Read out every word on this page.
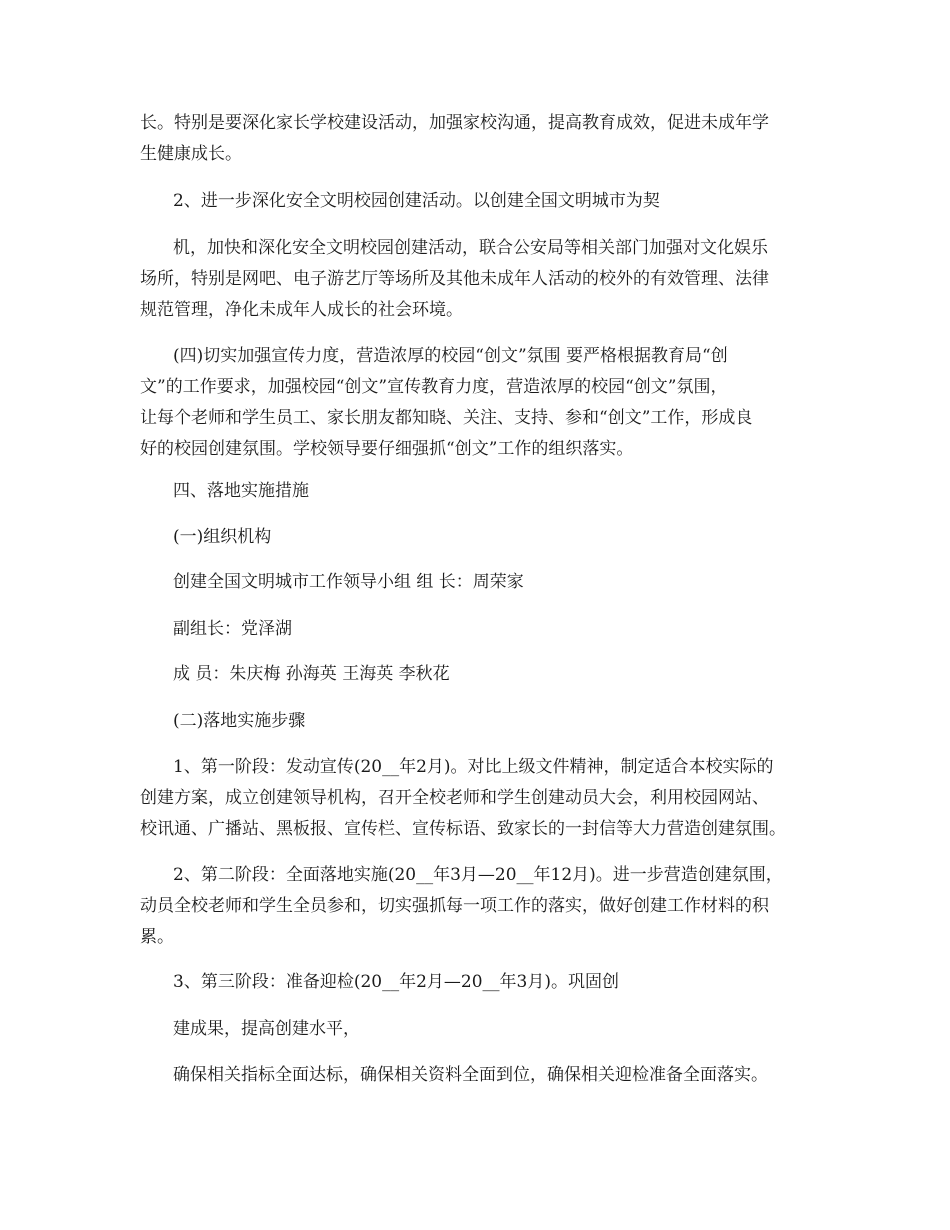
长。特别是要深化家长学校建设活动，加强家校沟通，提高教育成效，促进未成年学
生健康成长。
2、进一步深化安全文明校园创建活动。以创建全国文明城市为契
机，加快和深化安全文明校园创建活动，联合公安局等相关部门加强对文化娱乐
场所，特别是网吧、电子游艺厅等场所及其他未成年人活动的校外的有效管理、法律
规范管理，净化未成年人成长的社会环境。
(四)切实加强宣传力度，营造浓厚的校园“创文”氛围 要严格根据教育局“创
文”的工作要求，加强校园“创文”宣传教育力度，营造浓厚的校园“创文”氛围，
让每个老师和学生员工、家长朋友都知晓、关注、支持、参和“创文”工作，形成良
好的校园创建氛围。学校领导要仔细强抓“创文”工作的组织落实。
四、落地实施措施
(一)组织机构
创建全国文明城市工作领导小组 组 长：周荣家
副组长：党泽湖
成 员：朱庆梅 孙海英 王海英 李秋花
(二)落地实施步骤
1、第一阶段：发动宣传(20__年2月)。对比上级文件精神，制定适合本校实际的
创建方案，成立创建领导机构，召开全校老师和学生创建动员大会，利用校园网站、
校讯通、广播站、黑板报、宣传栏、宣传标语、致家长的一封信等大力营造创建氛围。
2、第二阶段：全面落地实施(20__年3月—20__年12月)。进一步营造创建氛围，
动员全校老师和学生全员参和，切实强抓每一项工作的落实，做好创建工作材料的积
累。
3、第三阶段：准备迎检(20__年2月—20__年3月)。巩固创
建成果，提高创建水平，
确保相关指标全面达标，确保相关资料全面到位，确保相关迎检准备全面落实。
